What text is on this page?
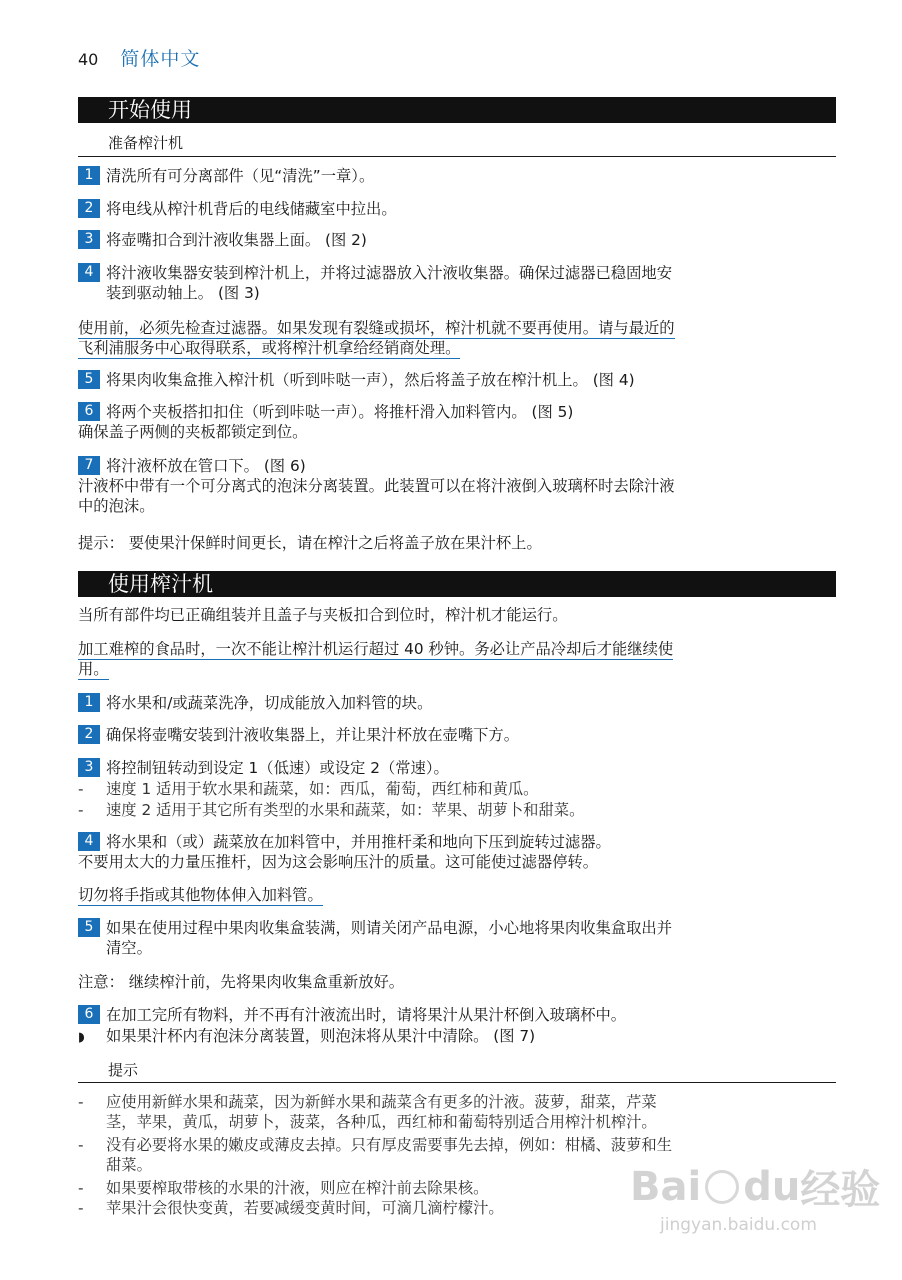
40 简体中文
开始使用
准备榨汁机
1 清洗所有可分离部件（见“清洗”一章）。
2 将电线从榨汁机背后的电线储藏室中拉出。
3 将壶嘴扣合到汁液收集器上面。 (图 2)
4 将汁液收集器安装到榨汁机上，并将过滤器放入汁液收集器。确保过滤器已稳固地安
装到驱动轴上。 (图 3)
使用前，必须先检查过滤器。如果发现有裂缝或损坏，榨汁机就不要再使用。请与最近的
飞利浦服务中心取得联系，或将榨汁机拿给经销商处理。
5 将果肉收集盒推入榨汁机（听到咔哒一声），然后将盖子放在榨汁机上。 (图 4)
6 将两个夹板搭扣扣住（听到咔哒一声）。将推杆滑入加料管内。 (图 5)
确保盖子两侧的夹板都锁定到位。
7 将汁液杯放在管口下。 (图 6)
汁液杯中带有一个可分离式的泡沫分离装置。此装置可以在将汁液倒入玻璃杯时去除汁液
中的泡沫。
提示： 要使果汁保鲜时间更长，请在榨汁之后将盖子放在果汁杯上。
使用榨汁机
当所有部件均已正确组装并且盖子与夹板扣合到位时，榨汁机才能运行。
加工难榨的食品时，一次不能让榨汁机运行超过 40 秒钟。务必让产品冷却后才能继续使
用。
1 将水果和/或蔬菜洗净，切成能放入加料管的块。
2 确保将壶嘴安装到汁液收集器上，并让果汁杯放在壶嘴下方。
3 将控制钮转动到设定 1（低速）或设定 2（常速）。
- 速度 1 适用于软水果和蔬菜，如：西瓜，葡萄，西红柿和黄瓜。
- 速度 2 适用于其它所有类型的水果和蔬菜，如：苹果、胡萝卜和甜菜。
4 将水果和（或）蔬菜放在加料管中，并用推杆柔和地向下压到旋转过滤器。
不要用太大的力量压推杆，因为这会影响压汁的质量。这可能使过滤器停转。
切勿将手指或其他物体伸入加料管。
5 如果在使用过程中果肉收集盒装满，则请关闭产品电源，小心地将果肉收集盒取出并
清空。
注意： 继续榨汁前，先将果肉收集盒重新放好。
6 在加工完所有物料，并不再有汁液流出时，请将果汁从果汁杯倒入玻璃杯中。
◗ 如果果汁杯内有泡沫分离装置，则泡沫将从果汁中清除。 (图 7)
提示
- 应使用新鲜水果和蔬菜，因为新鲜水果和蔬菜含有更多的汁液。菠萝，甜菜，芹菜
茎，苹果，黄瓜，胡萝卜，菠菜，各种瓜，西红柿和葡萄特别适合用榨汁机榨汁。
- 没有必要将水果的嫩皮或薄皮去掉。只有厚皮需要事先去掉，例如：柑橘、菠萝和生
甜菜。
- 如果要榨取带核的水果的汁液，则应在榨汁前去除果核。
- 苹果汁会很快变黄，若要减缓变黄时间，可滴几滴柠檬汁。	Bai du 经验
jingyan.baidu.com
